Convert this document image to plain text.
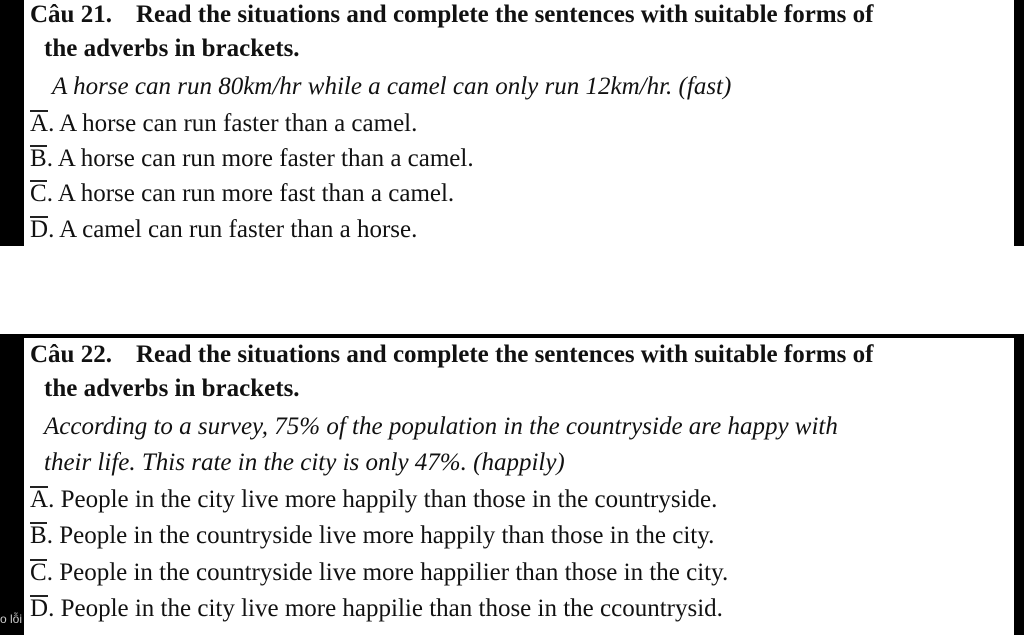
Câu 21. Read the situations and complete the sentences with suitable forms of
the adverbs in brackets.
A horse can run 80km/hr while a camel can only run 12km/hr. (fast)
A. A horse can run faster than a camel.
B. A horse can run more faster than a camel.
C. A horse can run more fast than a camel.
D. A camel can run faster than a horse.
Câu 22. Read the situations and complete the sentences with suitable forms of
the adverbs in brackets.
According to a survey, 75% of the population in the countryside are happy with
their life. This rate in the city is only 47%. (happily)
A. People in the city live more happily than those in the countryside.
B. People in the countryside live more happily than those in the city.
C. People in the countryside live more happilier than those in the city.
D. People in the city live more happilie than those in the ccountrysid.
o lỗi
